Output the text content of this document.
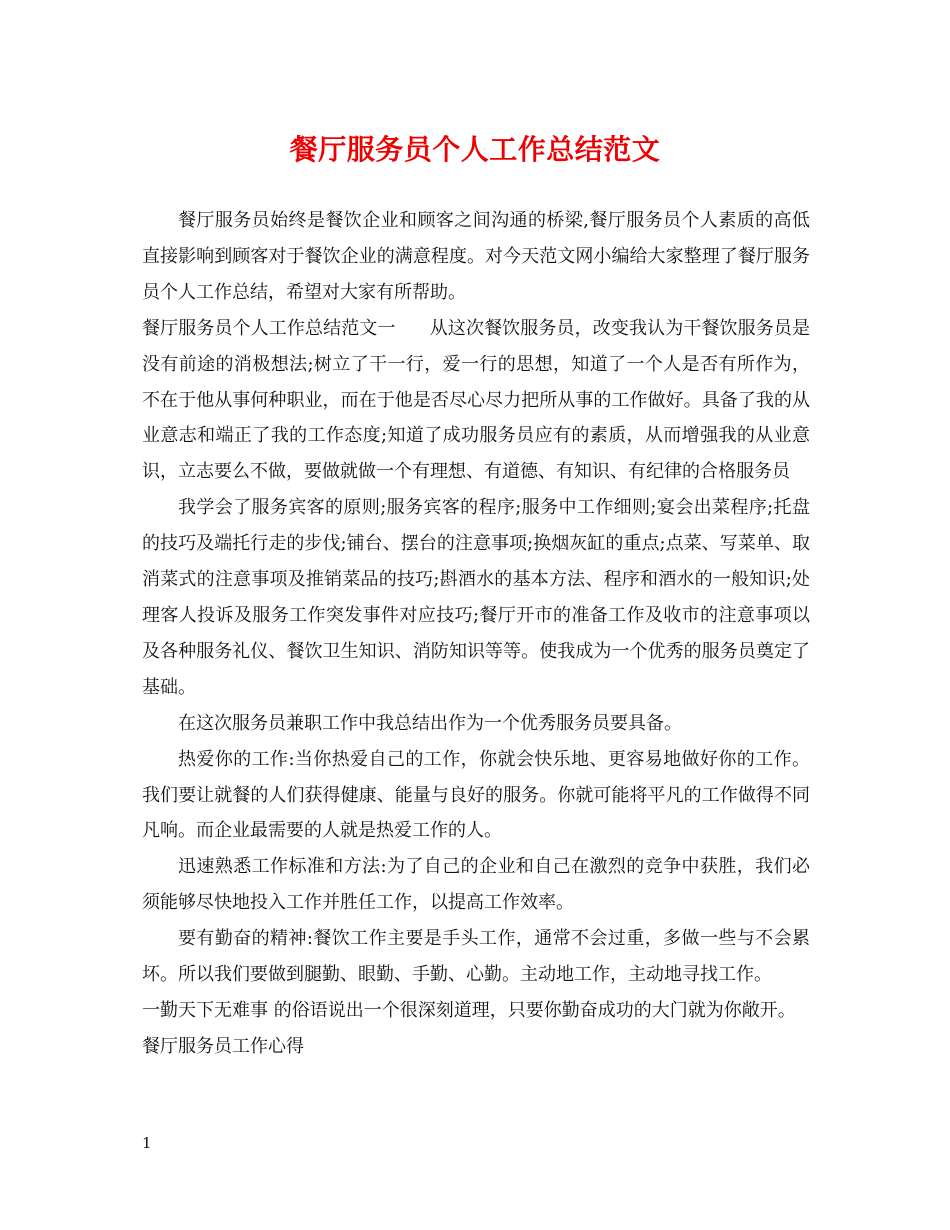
餐厅服务员个人工作总结范文

餐厅服务员始终是餐饮企业和顾客之间沟通的桥梁,餐厅服务员个人素质的高低直接影响到顾客对于餐饮企业的满意程度。对今天范文网小编给大家整理了餐厅服务员个人工作总结，希望对大家有所帮助。

餐厅服务员个人工作总结范文一 从这次餐饮服务员，改变我认为干餐饮服务员是没有前途的消极想法;树立了干一行，爱一行的思想，知道了一个人是否有所作为，不在于他从事何种职业，而在于他是否尽心尽力把所从事的工作做好。具备了我的从业意志和端正了我的工作态度;知道了成功服务员应有的素质，从而增强我的从业意识，立志要么不做，要做就做一个有理想、有道德、有知识、有纪律的合格服务员

我学会了服务宾客的原则;服务宾客的程序;服务中工作细则;宴会出菜程序;托盘的技巧及端托行走的步伐;铺台、摆台的注意事项;换烟灰缸的重点;点菜、写菜单、取消菜式的注意事项及推销菜品的技巧;斟酒水的基本方法、程序和酒水的一般知识;处理客人投诉及服务工作突发事件对应技巧;餐厅开市的准备工作及收市的注意事项以及各种服务礼仪、餐饮卫生知识、消防知识等等。使我成为一个优秀的服务员奠定了基础。

在这次服务员兼职工作中我总结出作为一个优秀服务员要具备。

热爱你的工作:当你热爱自己的工作，你就会快乐地、更容易地做好你的工作。我们要让就餐的人们获得健康、能量与良好的服务。你就可能将平凡的工作做得不同凡响。而企业最需要的人就是热爱工作的人。

迅速熟悉工作标准和方法:为了自己的企业和自己在激烈的竞争中获胜，我们必须能够尽快地投入工作并胜任工作，以提高工作效率。

要有勤奋的精神:餐饮工作主要是手头工作，通常不会过重，多做一些与不会累坏。所以我们要做到腿勤、眼勤、手勤、心勤。主动地工作，主动地寻找工作。

一勤天下无难事 的俗语说出一个很深刻道理，只要你勤奋成功的大门就为你敞开。

餐厅服务员工作心得

1
